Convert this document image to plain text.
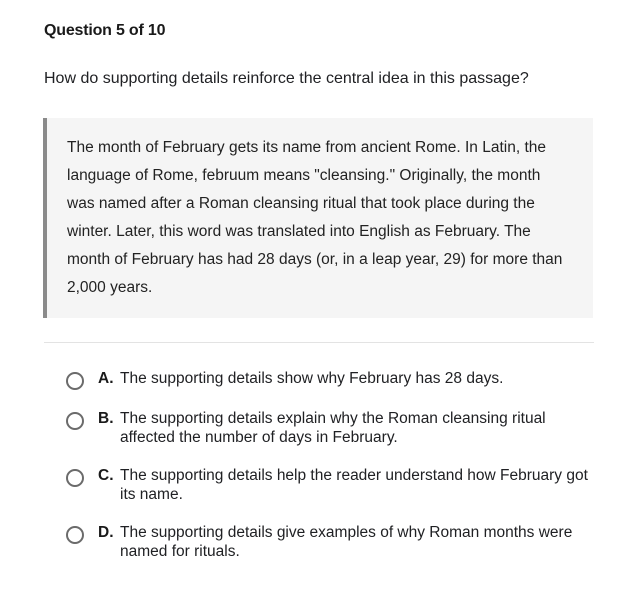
Question 5 of 10
How do supporting details reinforce the central idea in this passage?
The month of February gets its name from ancient Rome. In Latin, the language of Rome, februum means "cleansing." Originally, the month was named after a Roman cleansing ritual that took place during the winter. Later, this word was translated into English as February. The month of February has had 28 days (or, in a leap year, 29) for more than 2,000 years.
A. The supporting details show why February has 28 days.
B. The supporting details explain why the Roman cleansing ritual affected the number of days in February.
C. The supporting details help the reader understand how February got its name.
D. The supporting details give examples of why Roman months were named for rituals.
